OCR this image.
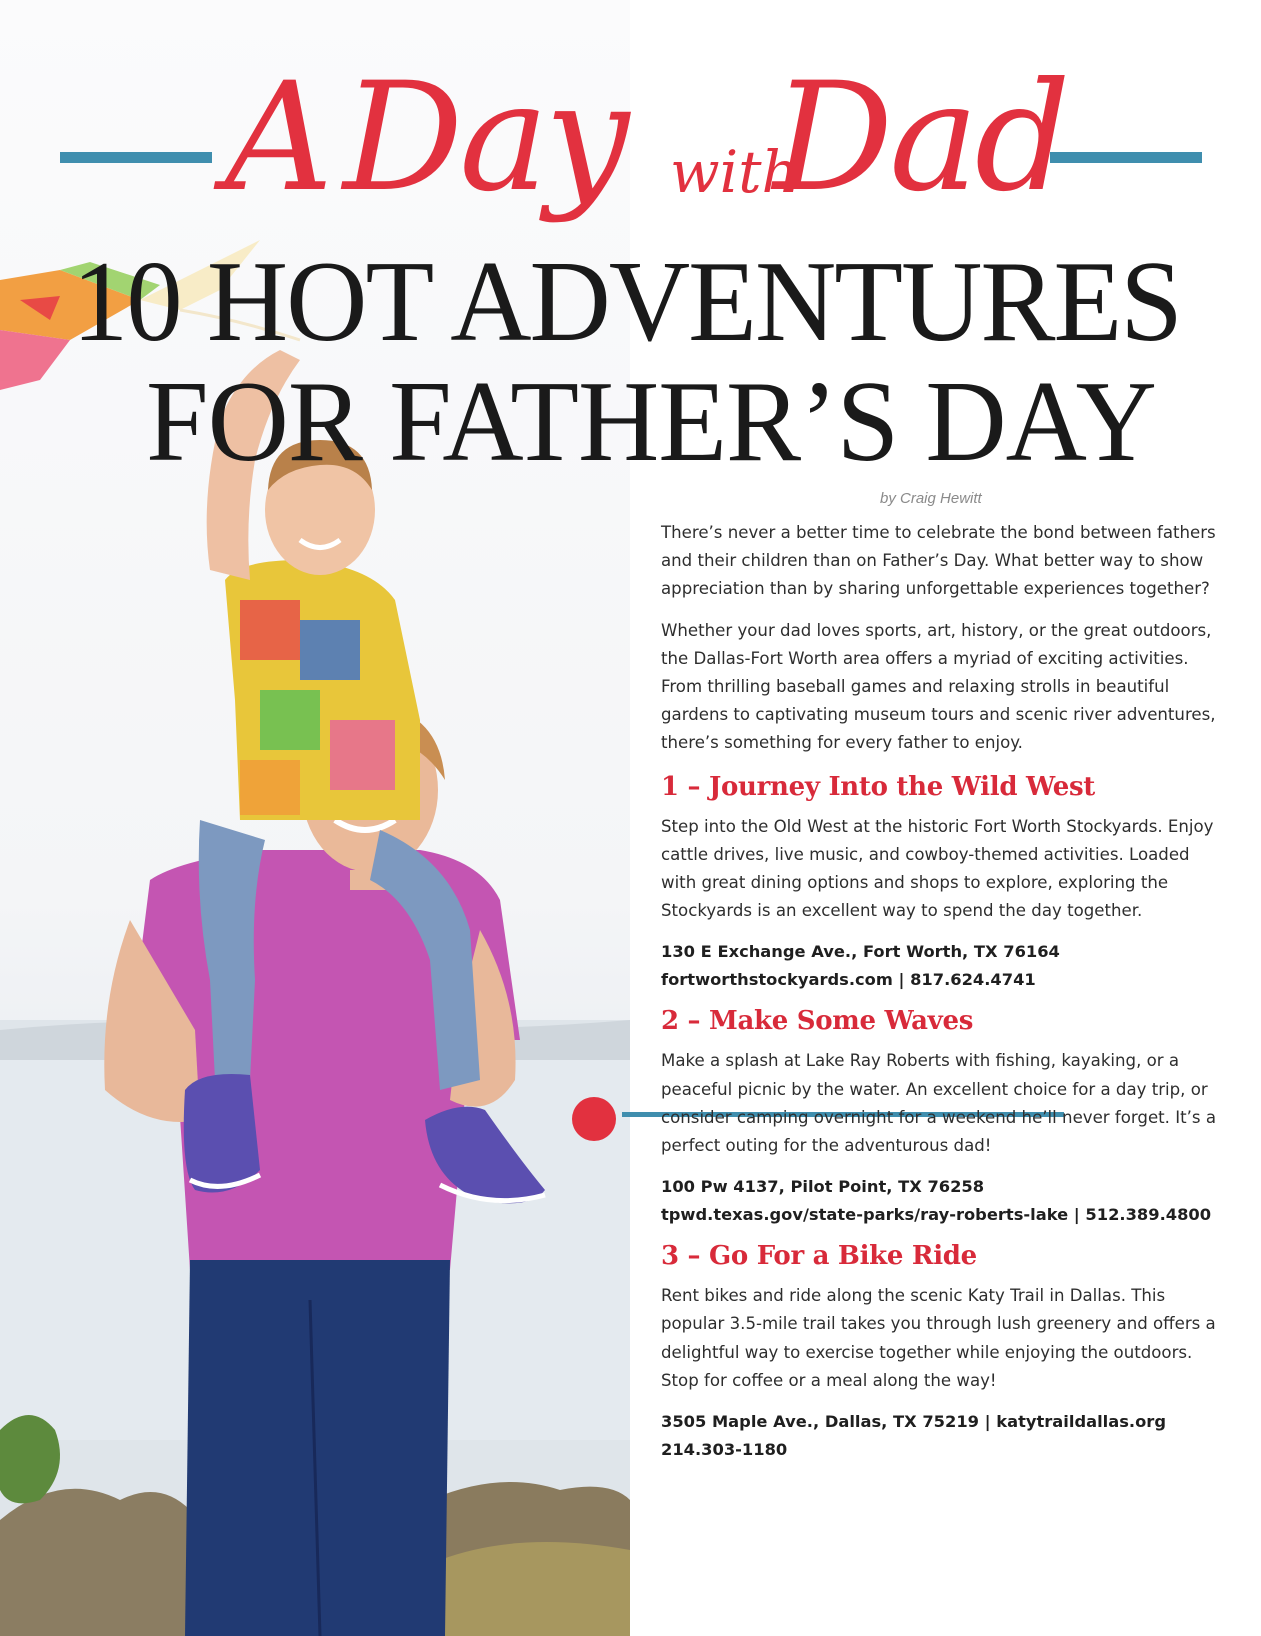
A Day with
Dad
10 HOT ADVENTURES
FOR FATHER’S DAY
by Craig Hewitt

There’s never a better time to celebrate the bond between fathers and their children than on Father’s Day. What better way to show appreciation than by sharing unforgettable experiences together?

Whether your dad loves sports, art, history, or the great outdoors, the Dallas-Fort Worth area offers a myriad of exciting activities. From thrilling baseball games and relaxing strolls in beautiful gardens to captivating museum tours and scenic river adventures, there’s something for every father to enjoy.

1 – Journey Into the Wild West

Step into the Old West at the historic Fort Worth Stockyards. Enjoy cattle drives, live music, and cowboy-themed activities. Loaded with great dining options and shops to explore, exploring the Stockyards is an excellent way to spend the day together.

130 E Exchange Ave., Fort Worth, TX 76164

fortworthstockyards.com | 817.624.4741

2 – Make Some Waves

Make a splash at Lake Ray Roberts with fishing, kayaking, or a peaceful picnic by the water. An excellent choice for a day trip, or consider camping overnight for a weekend he’ll never forget. It’s a perfect outing for the adventurous dad!

100 Pw 4137, Pilot Point, TX 76258

tpwd.texas.gov/state-parks/ray-roberts-lake | 512.389.4800

3 – Go For a Bike Ride

Rent bikes and ride along the scenic Katy Trail in Dallas. This popular 3.5-mile trail takes you through lush greenery and offers a delightful way to exercise together while enjoying the outdoors. Stop for coffee or a meal along the way!

3505 Maple Ave., Dallas, TX 75219 | katytraildallas.org

214.303-1180
